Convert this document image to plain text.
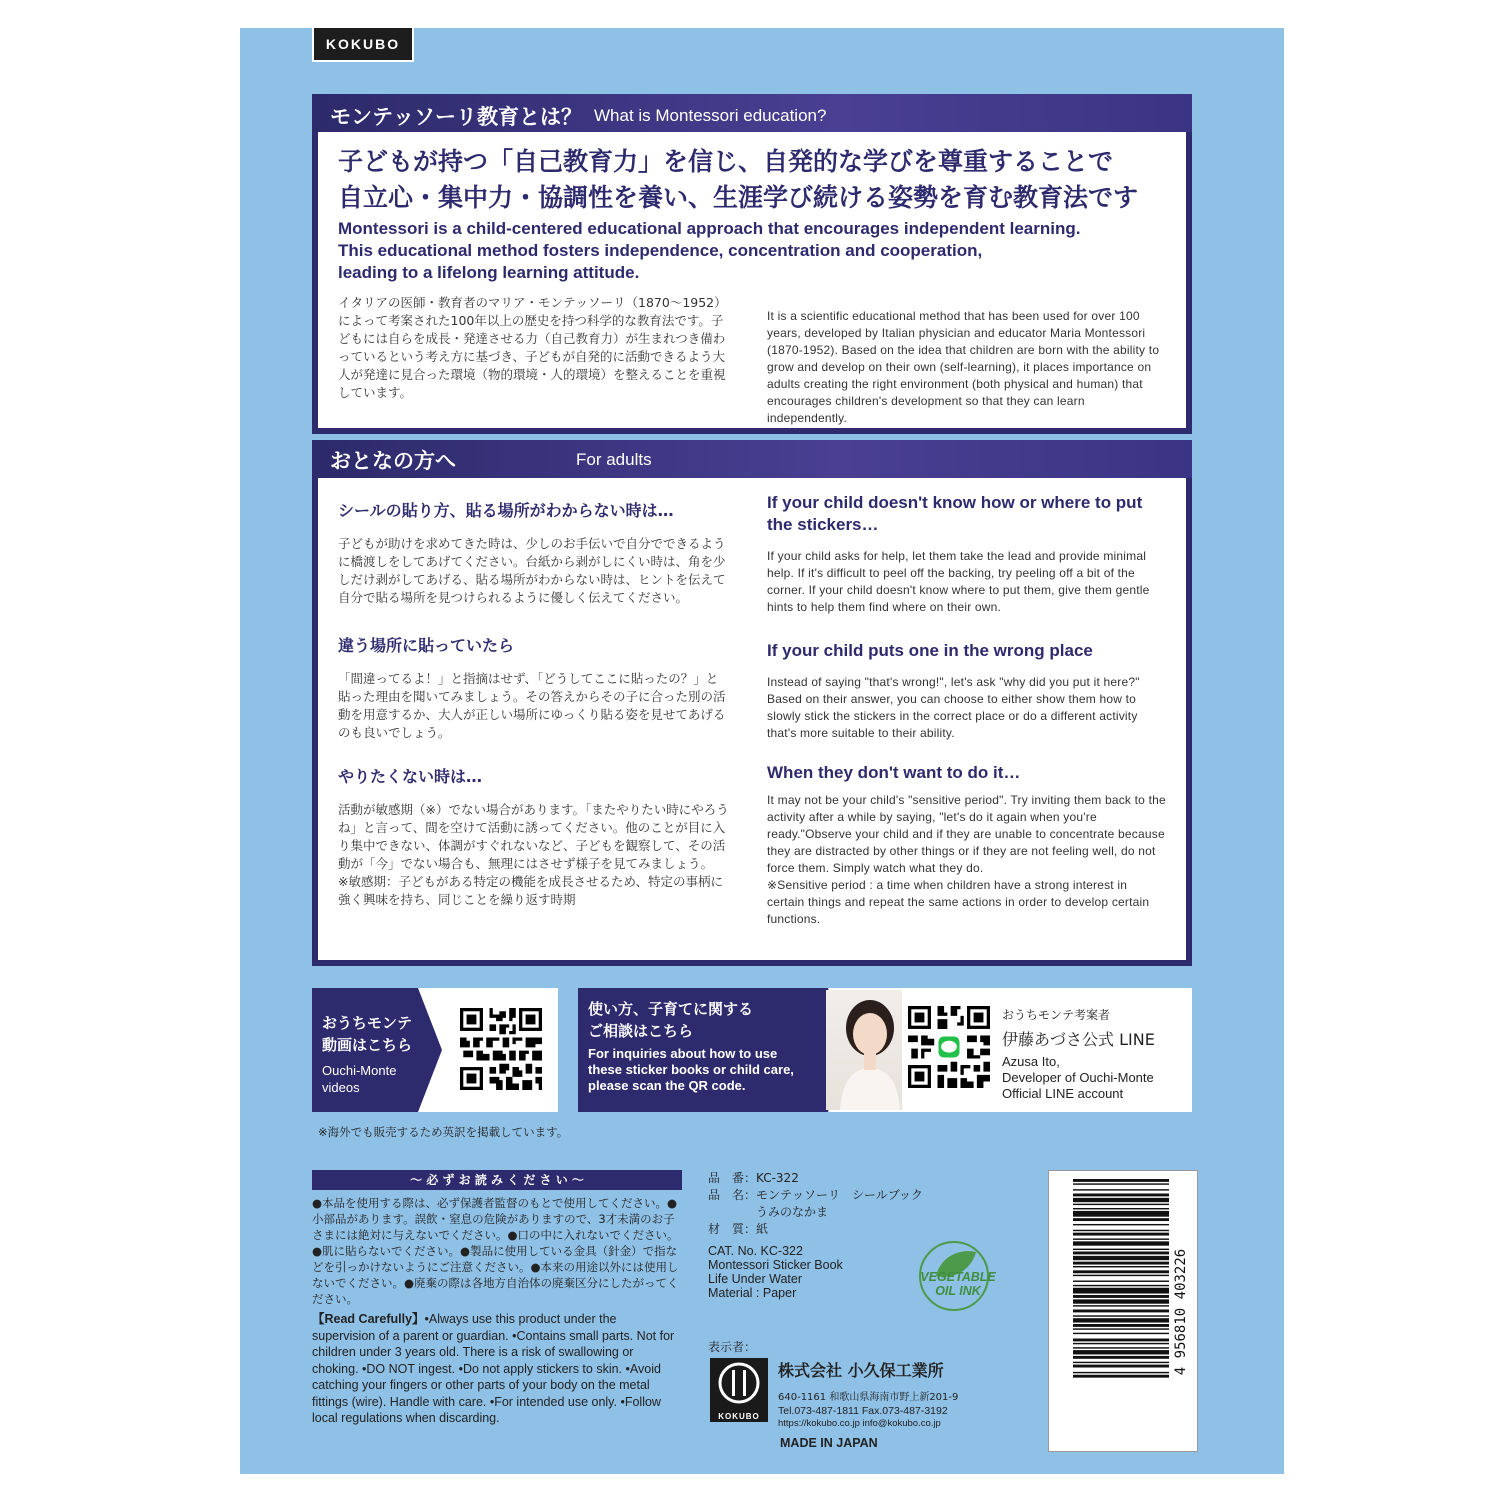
KOKUBO
モンテッソーリ教育とは？ What is Montessori education?
子どもが持つ「自己教育力」を信じ、自発的な学びを尊重することで
自立心・集中力・協調性を養い、生涯学び続ける姿勢を育む教育法です
Montessori is a child-centered educational approach that encourages independent learning.
This educational method fosters independence, concentration and cooperation,
leading to a lifelong learning attitude.
イタリアの医師・教育者のマリア・モンテッソーリ（1870～1952）によって考案された100年以上の歴史を持つ科学的な教育法です。子どもには自らを成長・発達させる力（自己教育力）が生まれつき備わっているという考え方に基づき、子どもが自発的に活動できるよう大人が発達に見合った環境（物的環境・人的環境）を整えることを重視しています。
It is a scientific educational method that has been used for over 100 years, developed by Italian physician and educator Maria Montessori (1870-1952). Based on the idea that children are born with the ability to grow and develop on their own (self-learning), it places importance on adults creating the right environment (both physical and human) that encourages children's development so that they can learn independently.
おとなの方へ	For adults
シールの貼り方、貼る場所がわからない時は…
子どもが助けを求めてきた時は、少しのお手伝いで自分でできるように橋渡しをしてあげてください。台紙から剥がしにくい時は、角を少しだけ剥がしてあげる、貼る場所がわからない時は、ヒントを伝えて自分で貼る場所を見つけられるように優しく伝えてください。
違う場所に貼っていたら
「間違ってるよ！」と指摘はせず、「どうしてここに貼ったの？」と貼った理由を聞いてみましょう。その答えからその子に合った別の活動を用意するか、大人が正しい場所にゆっくり貼る姿を見せてあげるのも良いでしょう。
やりたくない時は…
活動が敏感期（※）でない場合があります。「またやりたい時にやろうね」と言って、間を空けて活動に誘ってください。他のことが目に入り集中できない、体調がすぐれないなど、子どもを観察して、その活動が「今」でない場合も、無理にはさせず様子を見てみましょう。
※敏感期：子どもがある特定の機能を成長させるため、特定の事柄に強く興味を持ち、同じことを繰り返す時期
If your child doesn't know how or where to put the stickers…
If your child asks for help, let them take the lead and provide minimal help. If it's difficult to peel off the backing, try peeling off a bit of the corner. If your child doesn't know where to put them, give them gentle hints to help them find where on their own.
If your child puts one in the wrong place
Instead of saying "that's wrong!", let's ask "why did you put it here?" Based on their answer, you can choose to either show them how to slowly stick the stickers in the correct place or do a different activity that's more suitable to their ability.
When they don't want to do it…
It may not be your child's "sensitive period". Try inviting them back to the activity after a while by saying, "let's do it again when you're ready."Observe your child and if they are unable to concentrate because they are distracted by other things or if they are not feeling well, do not force them. Simply watch what they do.
※Sensitive period : a time when children have a strong interest in certain things and repeat the same actions in order to develop certain functions.
おうちモンテ
動画はこちら
Ouchi-Monte
videos
使い方、子育てに関する
ご相談はこちら
For inquiries about how to use
these sticker books or child care,
please scan the QR code.
おうちモンテ考案者
伊藤あづさ公式 LINE
Azusa Ito,
Developer of Ouchi-Monte
Official LINE account
※海外でも販売するため英訳を掲載しています。
〜 必 ず お 読 み く だ さ い 〜
●本品を使用する際は、必ず保護者監督のもとで使用してください。●小部品があります。誤飲・窒息の危険がありますので、3才未満のお子さまには絶対に与えないでください。●口の中に入れないでください。●肌に貼らないでください。●製品に使用している金具（針金）で指などを引っかけないようにご注意ください。●本来の用途以外には使用しないでください。●廃棄の際は各地方自治体の廃棄区分にしたがってください。
【Read Carefully】•Always use this product under the supervision of a parent or guardian. •Contains small parts. Not for children under 3 years old. There is a risk of swallowing or choking. •DO NOT ingest. •Do not apply stickers to skin. •Avoid catching your fingers or other parts of your body on the metal fittings (wire). Handle with care. •For intended use only. •Follow local regulations when discarding.
品　番：KC-322
品　名：モンテッソーリ　シールブック
　　　　うみのなかま
材　質：紙
CAT. No. KC-322
Montessori Sticker Book
Life Under Water
Material : Paper
VEGETABLE
OIL INK
表示者：
KOKUBO
株式会社 小久保工業所
640-1161 和歌山県海南市野上新201-9
Tel.073-487-1811 Fax.073-487-3192
https://kokubo.co.jp info@kokubo.co.jp
MADE IN JAPAN
4 956810 403226
